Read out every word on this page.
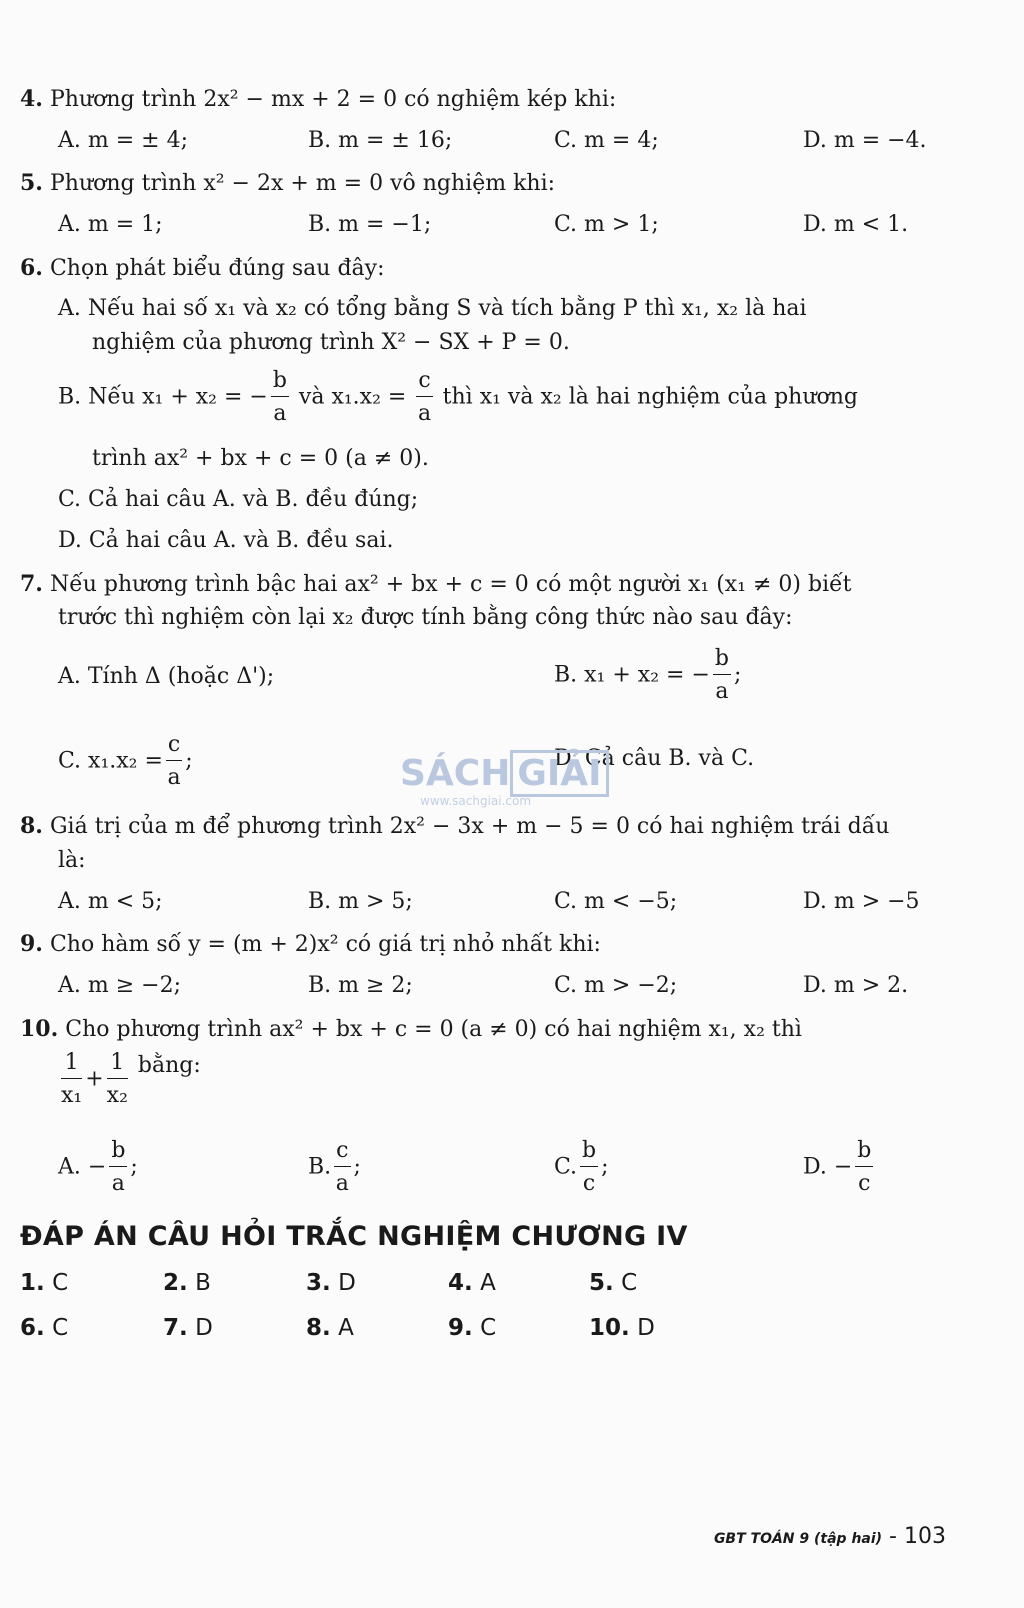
4. Phương trình 2x² − mx + 2 = 0 có nghiệm kép khi:
A. m = ± 4;	B. m = ± 16;	C. m = 4;	D. m = −4.
5. Phương trình x² − 2x + m = 0 vô nghiệm khi:
A. m = 1;	B. m = −1;	C. m > 1;	D. m < 1.
6. Chọn phát biểu đúng sau đây:
A. Nếu hai số x₁ và x₂ có tổng bằng S và tích bằng P thì x₁, x₂ là hai
nghiệm của phương trình X² − SX + P = 0.
B. Nếu x₁ + x₂ = − $\frac{b}{a}$ và $x_1.x_2 = \frac{c}{a}$ thì x₁ và x₂ là hai nghiệm của phương
trình ax² + bx + c = 0 (a ≠ 0).
C. Cả hai câu A. và B. đều đúng;
D. Cả hai câu A. và B. đều sai.
7. Nếu phương trình bậc hai ax² + bx + c = 0 có một người x₁ (x₁ ≠ 0) biết
trước thì nghiệm còn lại x₂ được tính bằng công thức nào sau đây:
A. Tính Δ (hoặc Δ');	B. x₁ + x₂ = − $\frac{b}{a}$ ;
C. $x_1.x_2 = \frac{c}{a}$ ;	D. Cả câu B. và C.
SÁCH GIẢI
www.sachgiai.com
8. Giá trị của m để phương trình 2x² − 3x + m − 5 = 0 có hai nghiệm trái dấu
là:
A. m < 5;	B. m > 5;	C. m < −5;	D. m > −5
9. Cho hàm số y = (m + 2)x² có giá trị nhỏ nhất khi:
A. m ≥ −2;	B. m ≥ 2;	C. m > −2;	D. m > 2.
10. Cho phương trình ax² + bx + c = 0 (a ≠ 0) có hai nghiệm x₁, x₂ thì
$\frac{1}{\text{x₁}} + \frac{1}{\text{x₂}}$ bằng:
A. − $\frac{b}{a}$ ;	B. $\frac{c}{a}$ ;	C. $\frac{b}{c}$ ;	D. − $\frac{b}{c}$
ĐÁP ÁN CÂU HỎI TRẮC NGHIỆM CHƯƠNG IV
1. C	2. B	3. D	4. A	5. C
6. C	7. D	8. A	9. C	10. D
GBT TOÁN 9 (tập hai) - 103
